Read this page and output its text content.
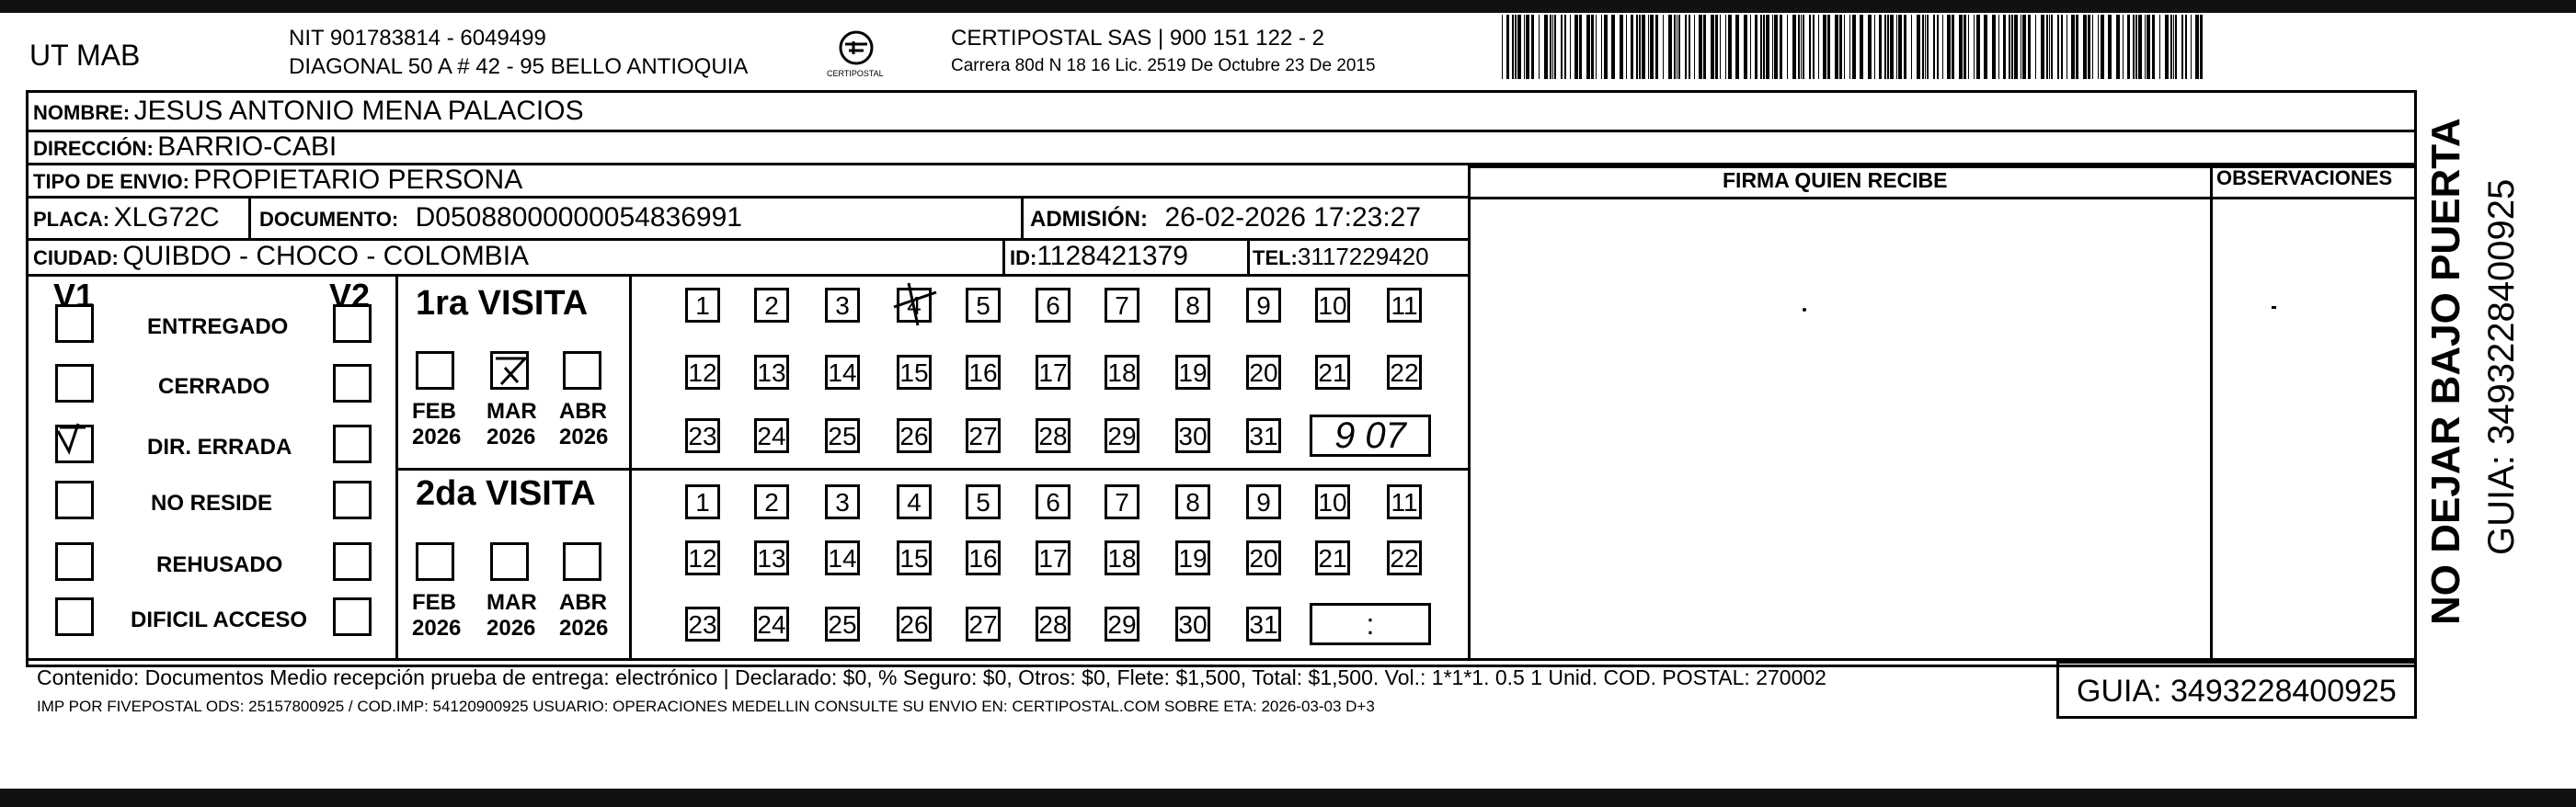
UT MAB
NIT 901783814 - 6049499
DIAGONAL 50 A # 42 - 95 BELLO ANTIOQUIA	CERTIPOSTAL
CERTIPOSTAL SAS | 900 151 122 - 2
Carrera 80d N 18 16 Lic. 2519 De Octubre 23 De 2015
NOMBRE: JESUS ANTONIO MENA PALACIOS
DIRECCIÓN: BARRIO-CABI
TIPO DE ENVIO: PROPIETARIO PERSONA	FIRMA QUIEN RECIBE	OBSERVACIONES
PLACA: XLG72C DOCUMENTO: D05088000000054836991	ADMISIÓN: 26-02-2026 17:23:27
CIUDAD: QUIBDO - CHOCO - COLOMBIA	ID:1128421379	TEL:3117229420
V1	V2 1ra VISITA
2da VISITA
Contenido: Documentos Medio recepción prueba de entrega: electrónico | Declarado: $0, % Seguro: $0, Otros: $0, Flete: $1,500, Total: $1,500. Vol.: 1*1*1. 0.5 1 Unid. COD. POSTAL: 270002
IMP POR FIVEPOSTAL ODS: 25157800925 / COD.IMP: 54120900925 USUARIO: OPERACIONES MEDELLIN CONSULTE SU ENVIO EN: CERTIPOSTAL.COM SOBRE ETA: 2026-03-03 D+3	GUIA: 3493228400925
NO DEJAR BAJO PUERTA GUIA: 3493228400925
ENTREGADO
CERRADO
DIR. ERRADA
NO RESIDE
REHUSADO
DIFICIL ACCESO
FEB
2026
MAR
2026
ABR
2026
FEB
2026
MAR
2026
ABR
2026
1	2	3	4	5	6	7	8	9	10 11
12 13 14 15 16 17 18 19 20 21 22
23 24 25 26 27 28 29 30 31	9 07
1	2	3	4	5	6	7	8	9	10 11
12 13 14 15 16 17 18 19 20 21 22
23 24 25 26 27 28 29 30 31	:
